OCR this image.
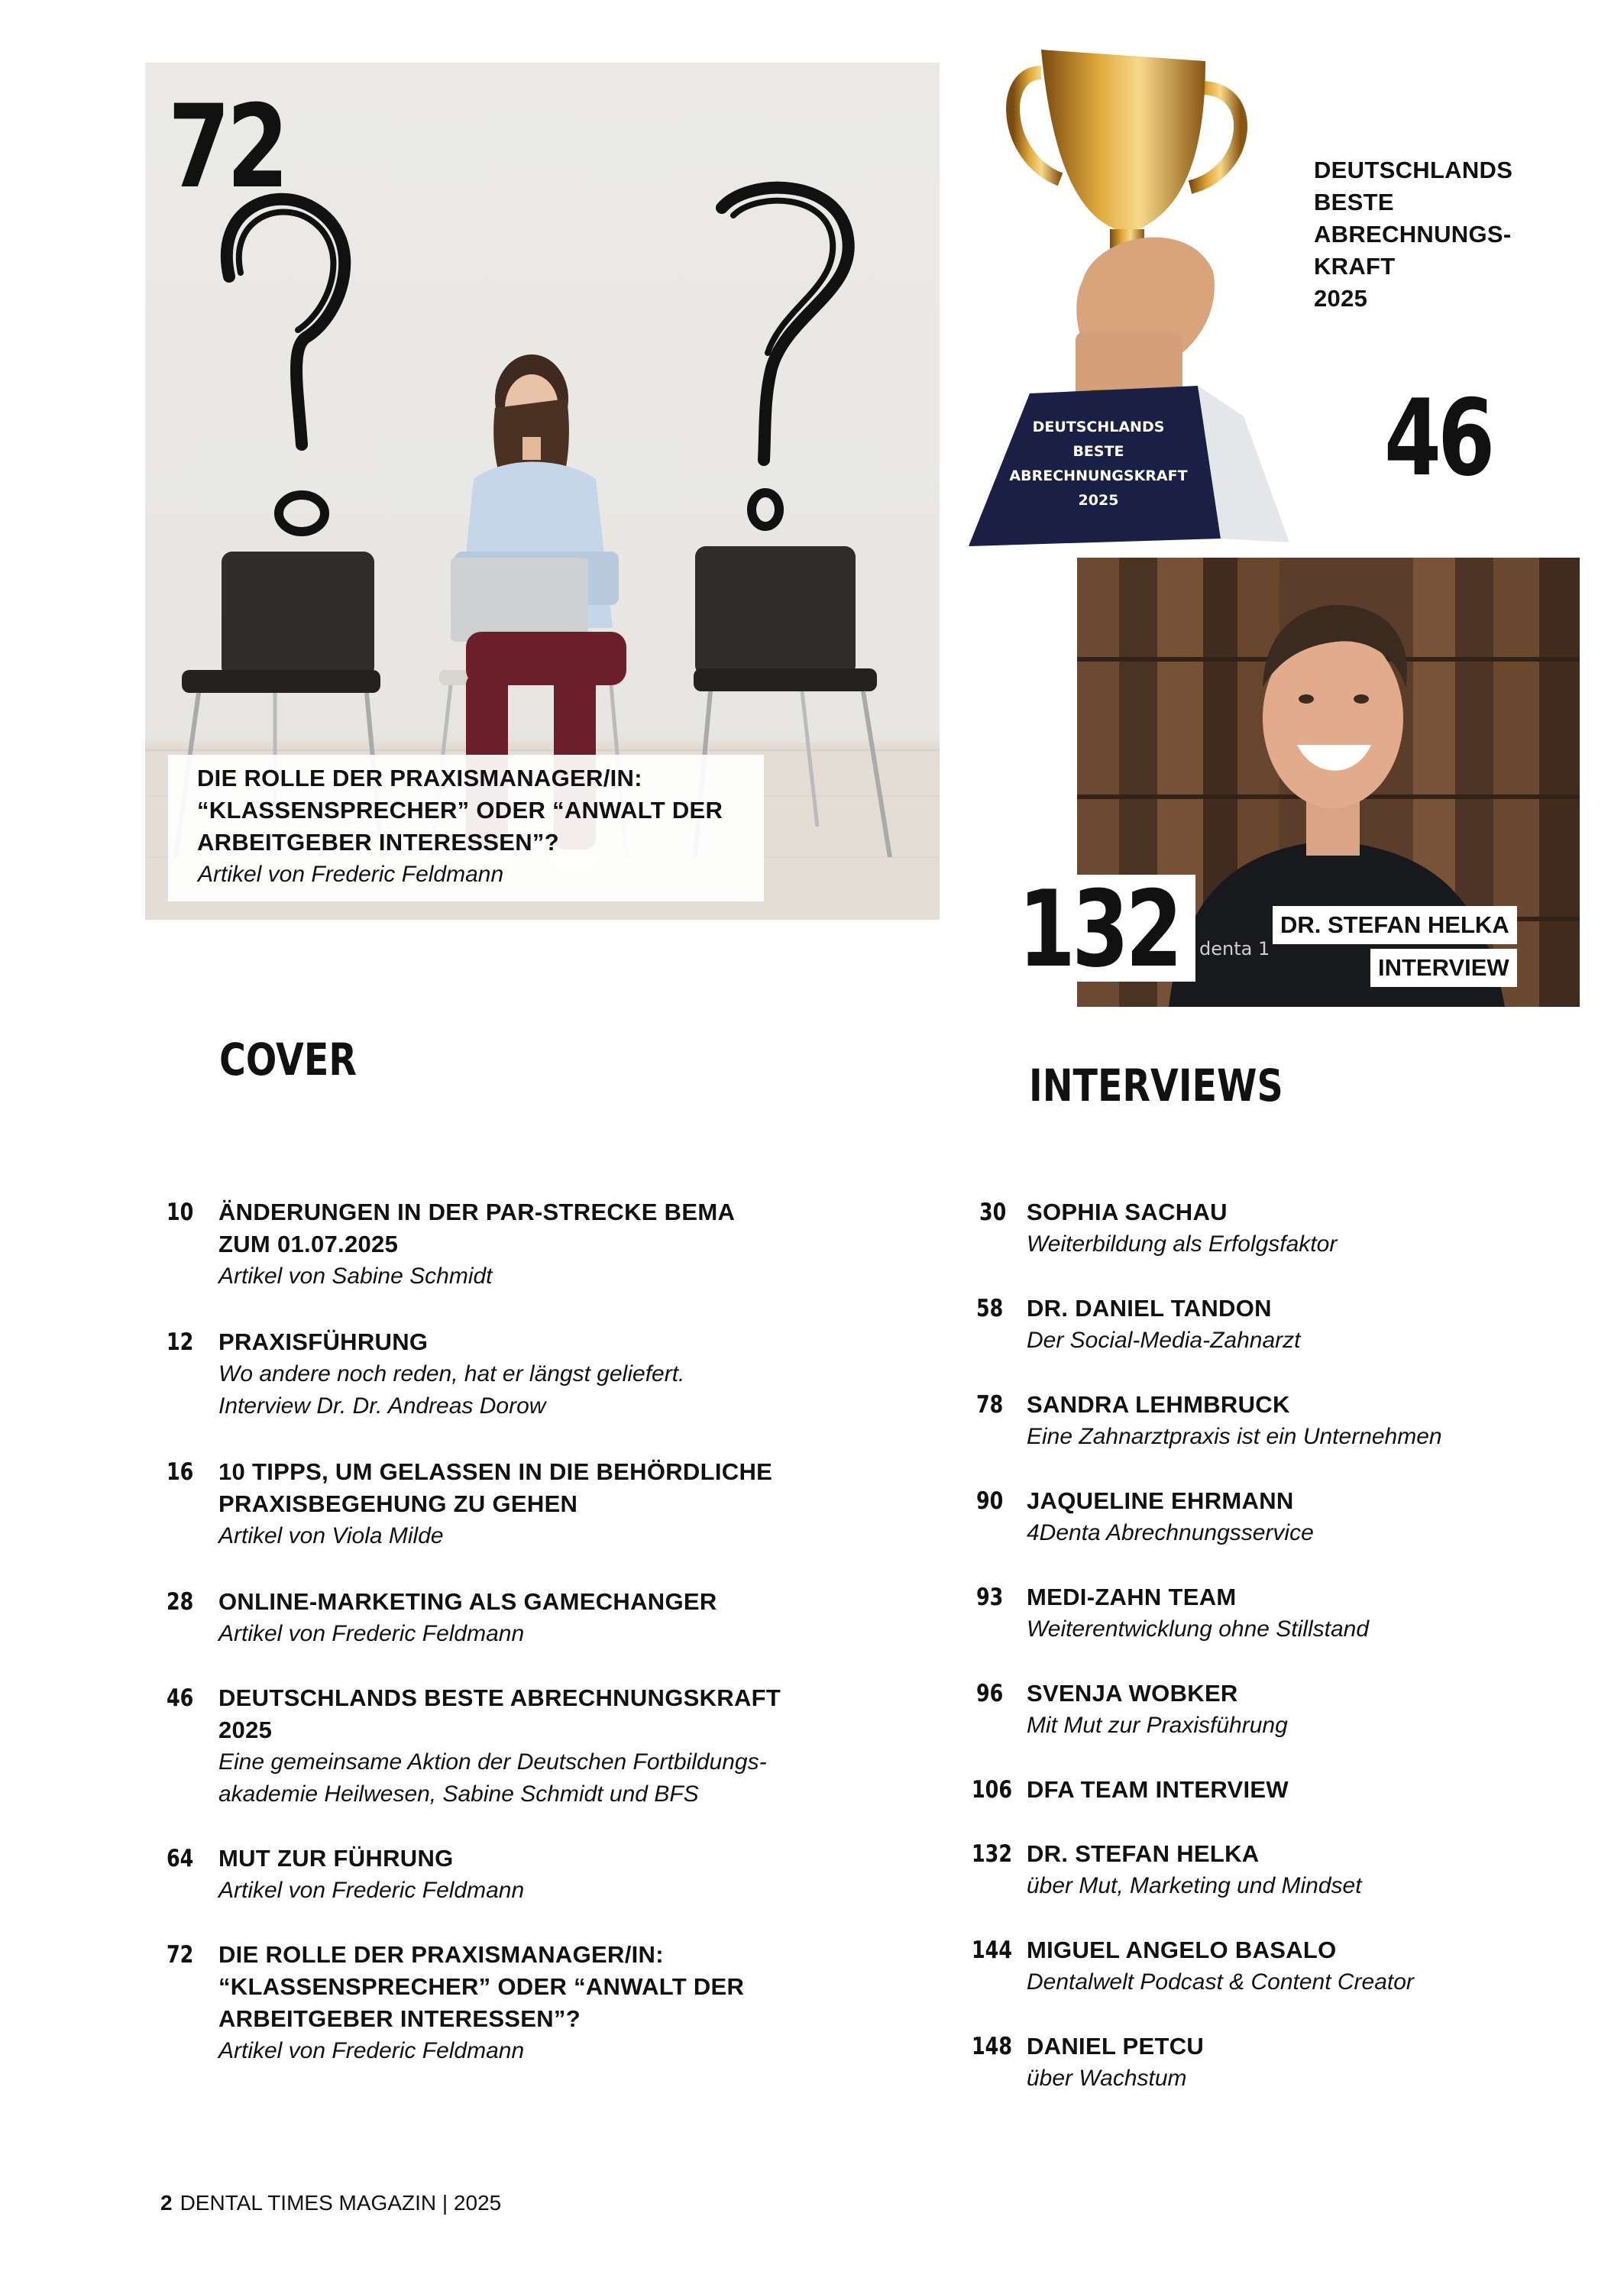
72
DIE ROLLE DER PRAXISMANAGER/IN:
“KLASSENSPRECHER” ODER “ANWALT DER
ARBEITGEBER INTERESSEN”?
Artikel von Frederic Feldmann
DEUTSCHLANDS
BESTE
ABRECHNUNGSKRAFT
2025
DEUTSCHLANDS
BESTE
ABRECHNUNGS-
KRAFT
2025
46
denta 1
132	DR. STEFAN HELKA
INTERVIEW
COVER	INTERVIEWS
10 ÄNDERUNGEN IN DER PAR-STRECKE BEMA
ZUM 01.07.2025
Artikel von Sabine Schmidt
12 PRAXISFÜHRUNG
Wo andere noch reden, hat er längst geliefert.
Interview Dr. Dr. Andreas Dorow
16 10 TIPPS, UM GELASSEN IN DIE BEHÖRDLICHE
PRAXISBEGEHUNG ZU GEHEN
Artikel von Viola Milde
28 ONLINE-MARKETING ALS GAMECHANGER
Artikel von Frederic Feldmann
46 DEUTSCHLANDS BESTE ABRECHNUNGSKRAFT
2025
Eine gemeinsame Aktion der Deutschen Fortbildungs-
akademie Heilwesen, Sabine Schmidt und BFS
64 MUT ZUR FÜHRUNG
Artikel von Frederic Feldmann
72 DIE ROLLE DER PRAXISMANAGER/IN:
“KLASSENSPRECHER” ODER “ANWALT DER
ARBEITGEBER INTERESSEN”?
Artikel von Frederic Feldmann
30 SOPHIA SACHAU
Weiterbildung als Erfolgsfaktor
58 DR. DANIEL TANDON
Der Social-Media-Zahnarzt
78 SANDRA LEHMBRUCK
Eine Zahnarztpraxis ist ein Unternehmen
90 JAQUELINE EHRMANN
4Denta Abrechnungsservice
93 MEDI-ZAHN TEAM
Weiterentwicklung ohne Stillstand
96 SVENJA WOBKER
Mit Mut zur Praxisführung
106 DFA TEAM INTERVIEW
132 DR. STEFAN HELKA
über Mut, Marketing und Mindset
144 MIGUEL ANGELO BASALO
Dentalwelt Podcast & Content Creator
148 DANIEL PETCU
über Wachstum
2 DENTAL TIMES MAGAZIN | 2025
